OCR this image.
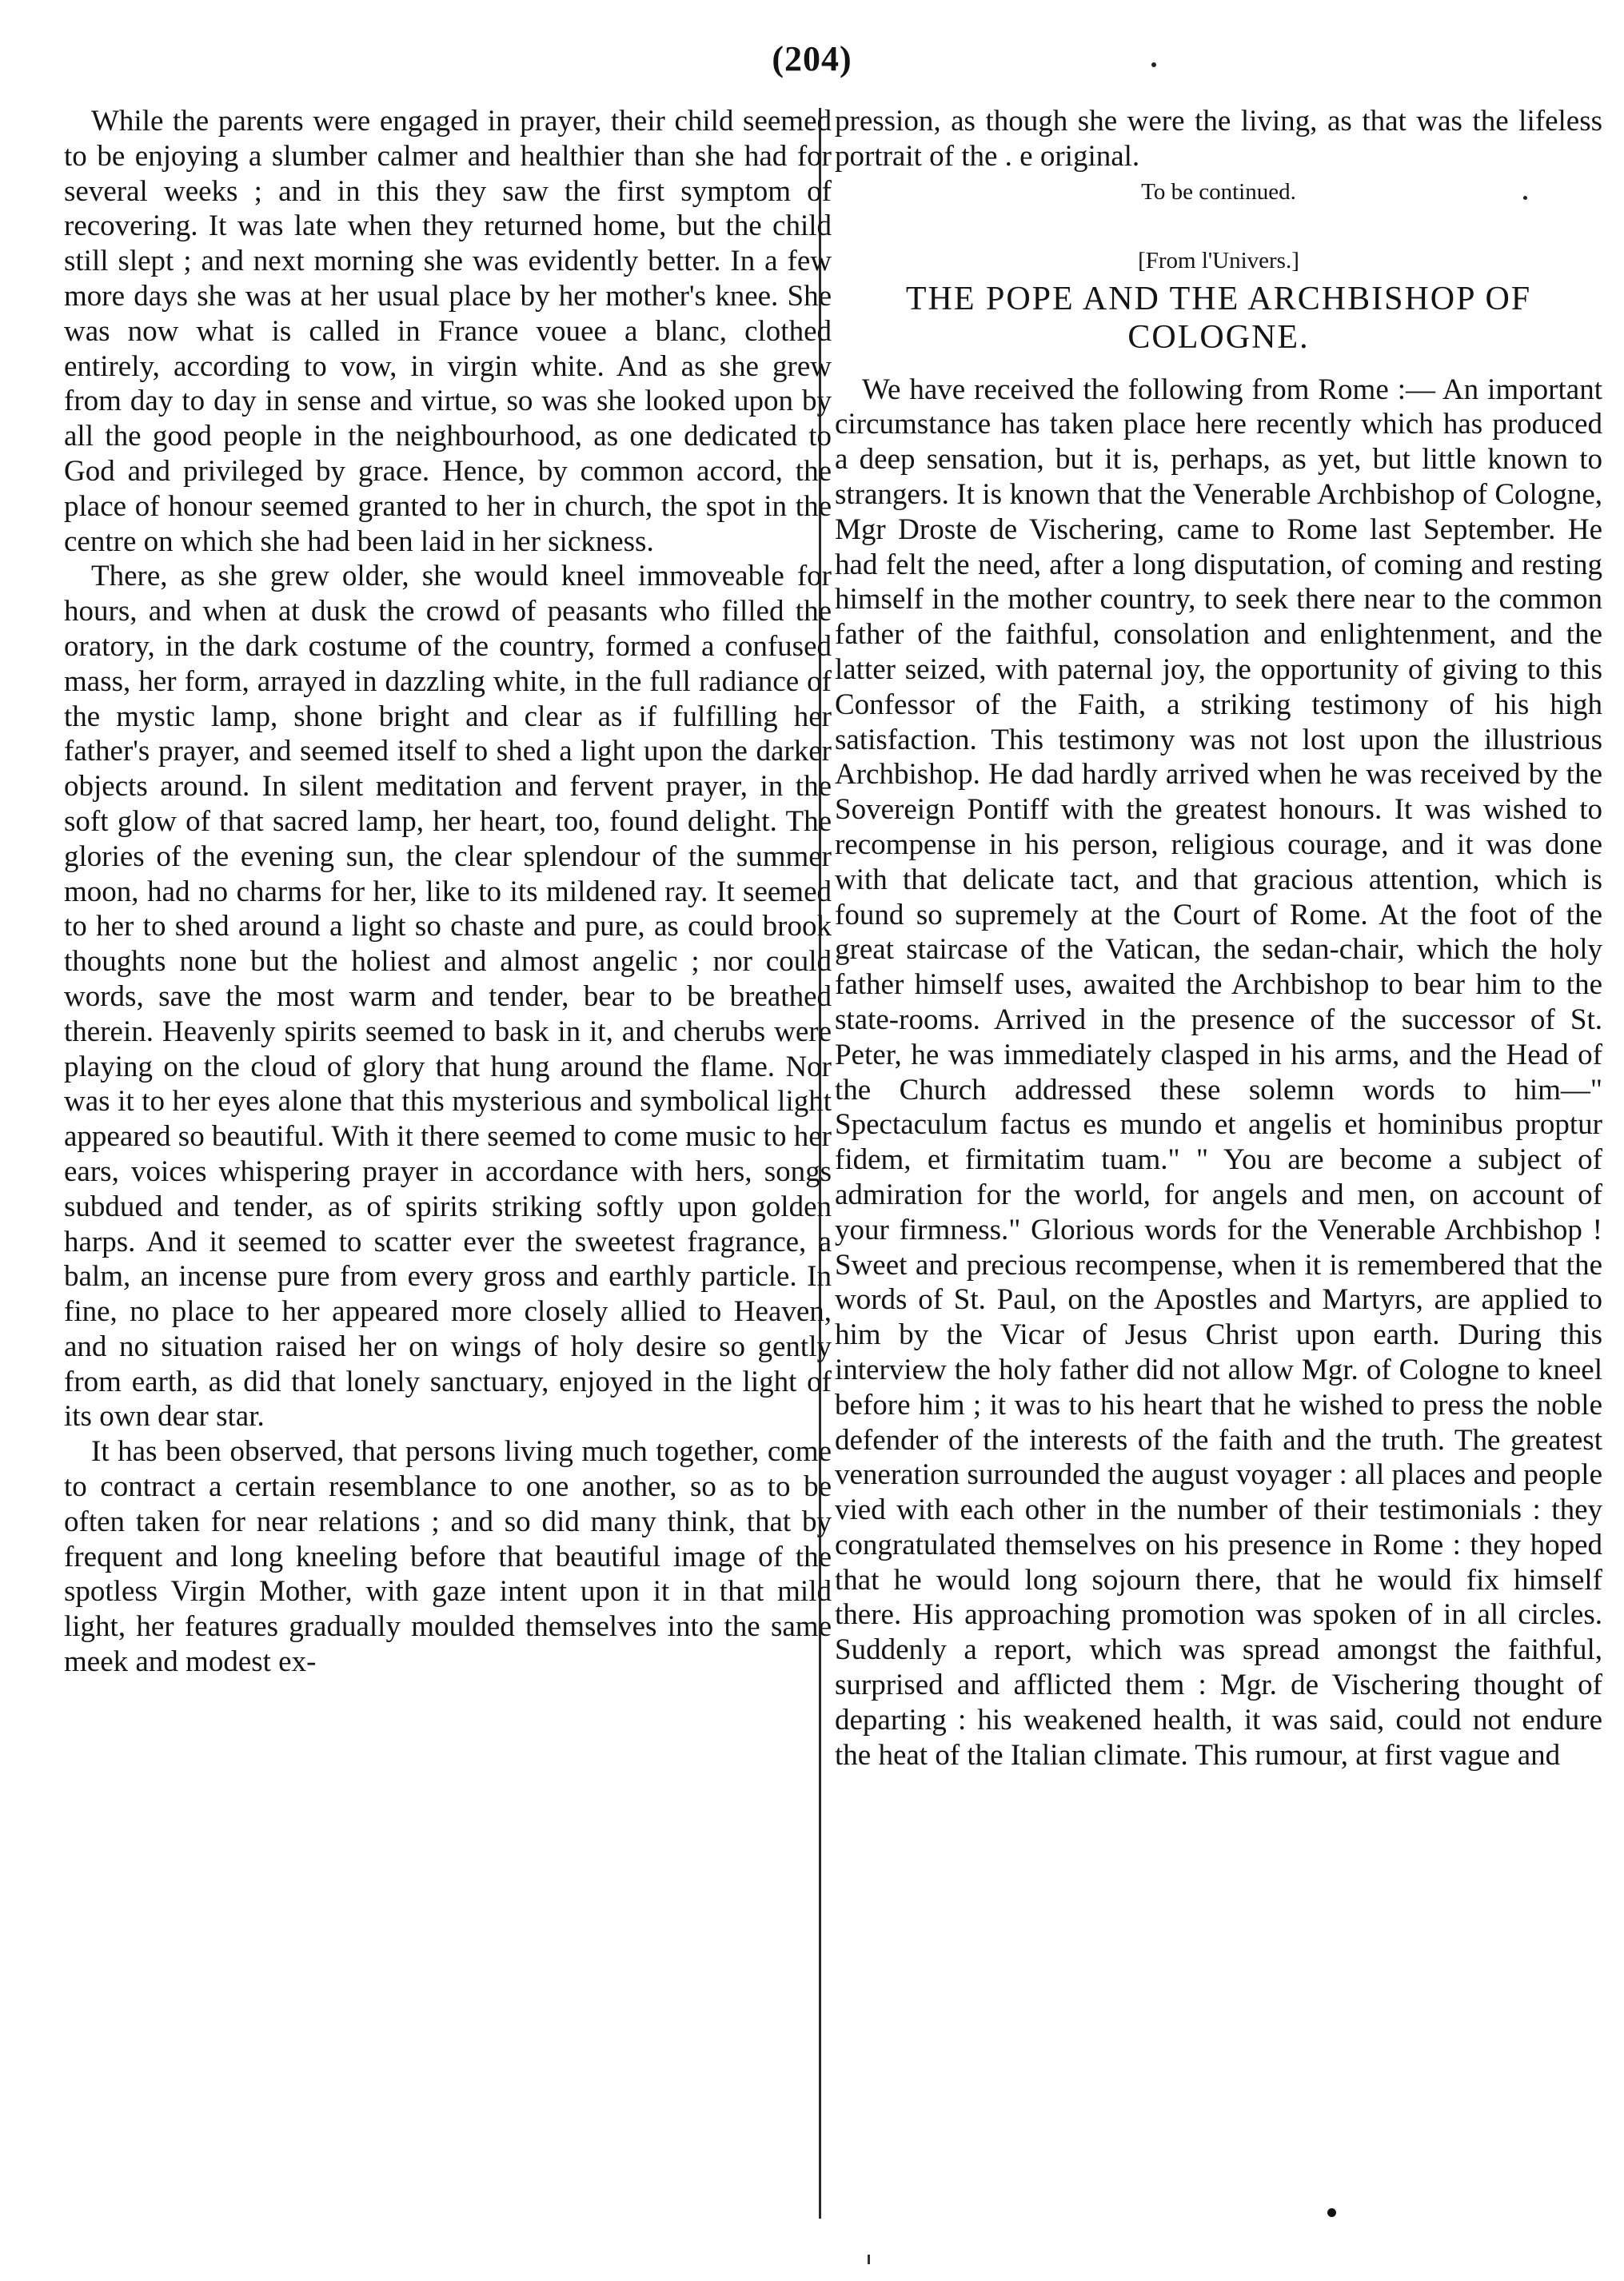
(204)

While the parents were engaged in prayer, their child seemed to be enjoying a slumber calmer and healthier than she had for several weeks ; and in this they saw the first symptom of recovering. It was late when they returned home, but the child still slept ; and next morning she was evidently better. In a few more days she was at her usual place by her mother's knee. She was now what is called in France vouee a blanc, clothed entirely, according to vow, in virgin white. And as she grew from day to day in sense and virtue, so was she looked upon by all the good people in the neighbourhood, as one dedicated to God and privileged by grace. Hence, by common accord, the place of honour seemed granted to her in church, the spot in the centre on which she had been laid in her sickness.

There, as she grew older, she would kneel immoveable for hours, and when at dusk the crowd of peasants who filled the oratory, in the dark costume of the country, formed a confused mass, her form, arrayed in dazzling white, in the full radiance of the mystic lamp, shone bright and clear as if fulfilling her father's prayer, and seemed itself to shed a light upon the darker objects around. In silent meditation and fervent prayer, in the soft glow of that sacred lamp, her heart, too, found delight. The glories of the evening sun, the clear splendour of the summer moon, had no charms for her, like to its mildened ray. It seemed to her to shed around a light so chaste and pure, as could brook thoughts none but the holiest and almost angelic ; nor could words, save the most warm and tender, bear to be breathed therein. Heavenly spirits seemed to bask in it, and cherubs were playing on the cloud of glory that hung around the flame. Nor was it to her eyes alone that this mysterious and symbolical light appeared so beautiful. With it there seemed to come music to her ears, voices whispering prayer in accordance with hers, songs subdued and tender, as of spirits striking softly upon golden harps. And it seemed to scatter ever the sweetest fragrance, a balm, an incense pure from every gross and earthly particle. In fine, no place to her appeared more closely allied to Heaven, and no situation raised her on wings of holy desire so gently from earth, as did that lonely sanctuary, enjoyed in the light of its own dear star.

It has been observed, that persons living much together, come to contract a certain resemblance to one another, so as to be often taken for near relations ; and so did many think, that by frequent and long kneeling before that beautiful image of the spotless Virgin Mother, with gaze intent upon it in that mild light, her features gradually moulded themselves into the same meek and modest ex-

pression, as though she were the living, as that was the lifeless portrait of the . e original.

To be continued.
[From l'Univers.]
THE POPE AND THE ARCHBISHOP OF COLOGNE.

We have received the following from Rome :— An important circumstance has taken place here recently which has produced a deep sensation, but it is, perhaps, as yet, but little known to strangers. It is known that the Venerable Archbishop of Cologne, Mgr Droste de Vischering, came to Rome last September. He had felt the need, after a long disputation, of coming and resting himself in the mother country, to seek there near to the common father of the faithful, consolation and enlightenment, and the latter seized, with paternal joy, the opportunity of giving to this Confessor of the Faith, a striking testimony of his high satisfaction. This testimony was not lost upon the illustrious Archbishop. He dad hardly arrived when he was received by the Sovereign Pontiff with the greatest honours. It was wished to recompense in his person, religious courage, and it was done with that delicate tact, and that gracious attention, which is found so supremely at the Court of Rome. At the foot of the great staircase of the Vatican, the sedan-chair, which the holy father himself uses, awaited the Archbishop to bear him to the state-rooms. Arrived in the presence of the successor of St. Peter, he was immediately clasped in his arms, and the Head of the Church addressed these solemn words to him—" Spectaculum factus es mundo et angelis et hominibus proptur fidem, et firmitatim tuam." " You are become a subject of admiration for the world, for angels and men, on account of your firmness." Glorious words for the Venerable Archbishop ! Sweet and precious recompense, when it is remembered that the words of St. Paul, on the Apostles and Martyrs, are applied to him by the Vicar of Jesus Christ upon earth. During this interview the holy father did not allow Mgr. of Cologne to kneel before him ; it was to his heart that he wished to press the noble defender of the interests of the faith and the truth. The greatest veneration surrounded the august voyager : all places and people vied with each other in the number of their testimonials : they congratulated themselves on his presence in Rome : they hoped that he would long sojourn there, that he would fix himself there. His approaching promotion was spoken of in all circles. Suddenly a report, which was spread amongst the faithful, surprised and afflicted them : Mgr. de Vischering thought of departing : his weakened health, it was said, could not endure the heat of the Italian climate. This rumour, at first vague and
